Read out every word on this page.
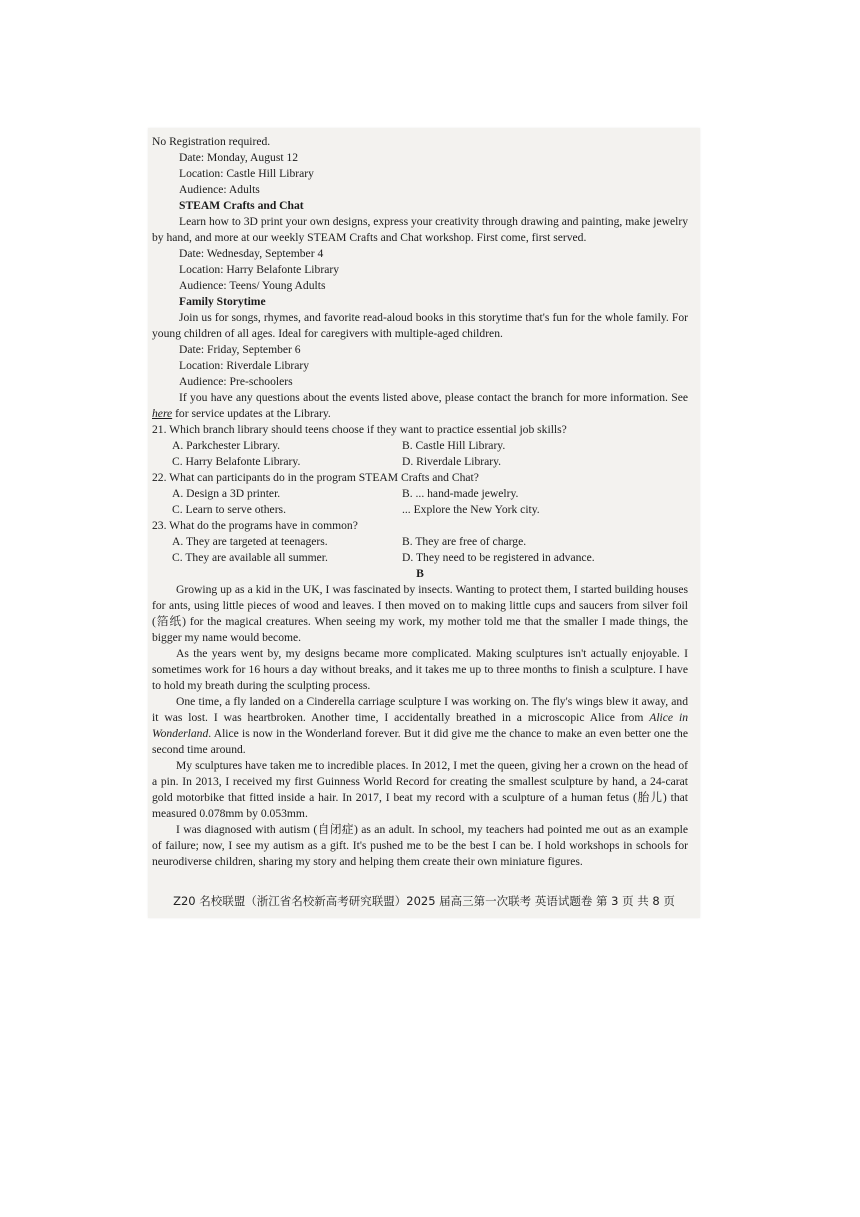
No Registration required.
Date: Monday, August 12
Location: Castle Hill Library
Audience: Adults
STEAM Crafts and Chat
Learn how to 3D print your own designs, express your creativity through drawing and painting, make jewelry by hand, and more at our weekly STEAM Crafts and Chat workshop. First come, first served.
Date: Wednesday, September 4
Location: Harry Belafonte Library
Audience: Teens/ Young Adults
Family Storytime
Join us for songs, rhymes, and favorite read-aloud books in this storytime that's fun for the whole family. For young children of all ages. Ideal for caregivers with multiple-aged children.
Date: Friday, September 6
Location: Riverdale Library
Audience: Pre-schoolers
If you have any questions about the events listed above, please contact the branch for more information. See here for service updates at the Library.
21. Which branch library should teens choose if they want to practice essential job skills?
A. Parkchester Library.	B. Castle Hill Library.
C. Harry Belafonte Library.	D. Riverdale Library.
22. What can participants do in the program STEAM Crafts and Chat?
A. Design a 3D printer.	B. ... hand-made jewelry.
C. Learn to serve others.	... Explore the New York city.
23. What do the programs have in common?
A. They are targeted at teenagers.	B. They are free of charge.
C. They are available all summer.	D. They need to be registered in advance.
B
Growing up as a kid in the UK, I was fascinated by insects. Wanting to protect them, I started building houses for ants, using little pieces of wood and leaves. I then moved on to making little cups and saucers from silver foil (箔纸) for the magical creatures. When seeing my work, my mother told me that the smaller I made things, the bigger my name would become.
As the years went by, my designs became more complicated. Making sculptures isn't actually enjoyable. I sometimes work for 16 hours a day without breaks, and it takes me up to three months to finish a sculpture. I have to hold my breath during the sculpting process.
One time, a fly landed on a Cinderella carriage sculpture I was working on. The fly's wings blew it away, and it was lost. I was heartbroken. Another time, I accidentally breathed in a microscopic Alice from Alice in Wonderland. Alice is now in the Wonderland forever. But it did give me the chance to make an even better one the second time around.
My sculptures have taken me to incredible places. In 2012, I met the queen, giving her a crown on the head of a pin. In 2013, I received my first Guinness World Record for creating the smallest sculpture by hand, a 24-carat gold motorbike that fitted inside a hair. In 2017, I beat my record with a sculpture of a human fetus (胎儿) that measured 0.078mm by 0.053mm.
I was diagnosed with autism (自闭症) as an adult. In school, my teachers had pointed me out as an example of failure; now, I see my autism as a gift. It's pushed me to be the best I can be. I hold workshops in schools for neurodiverse children, sharing my story and helping them create their own miniature figures.
Z20 名校联盟（浙江省名校新高考研究联盟）2025 届高三第一次联考 英语试题卷 第 3 页 共 8 页
